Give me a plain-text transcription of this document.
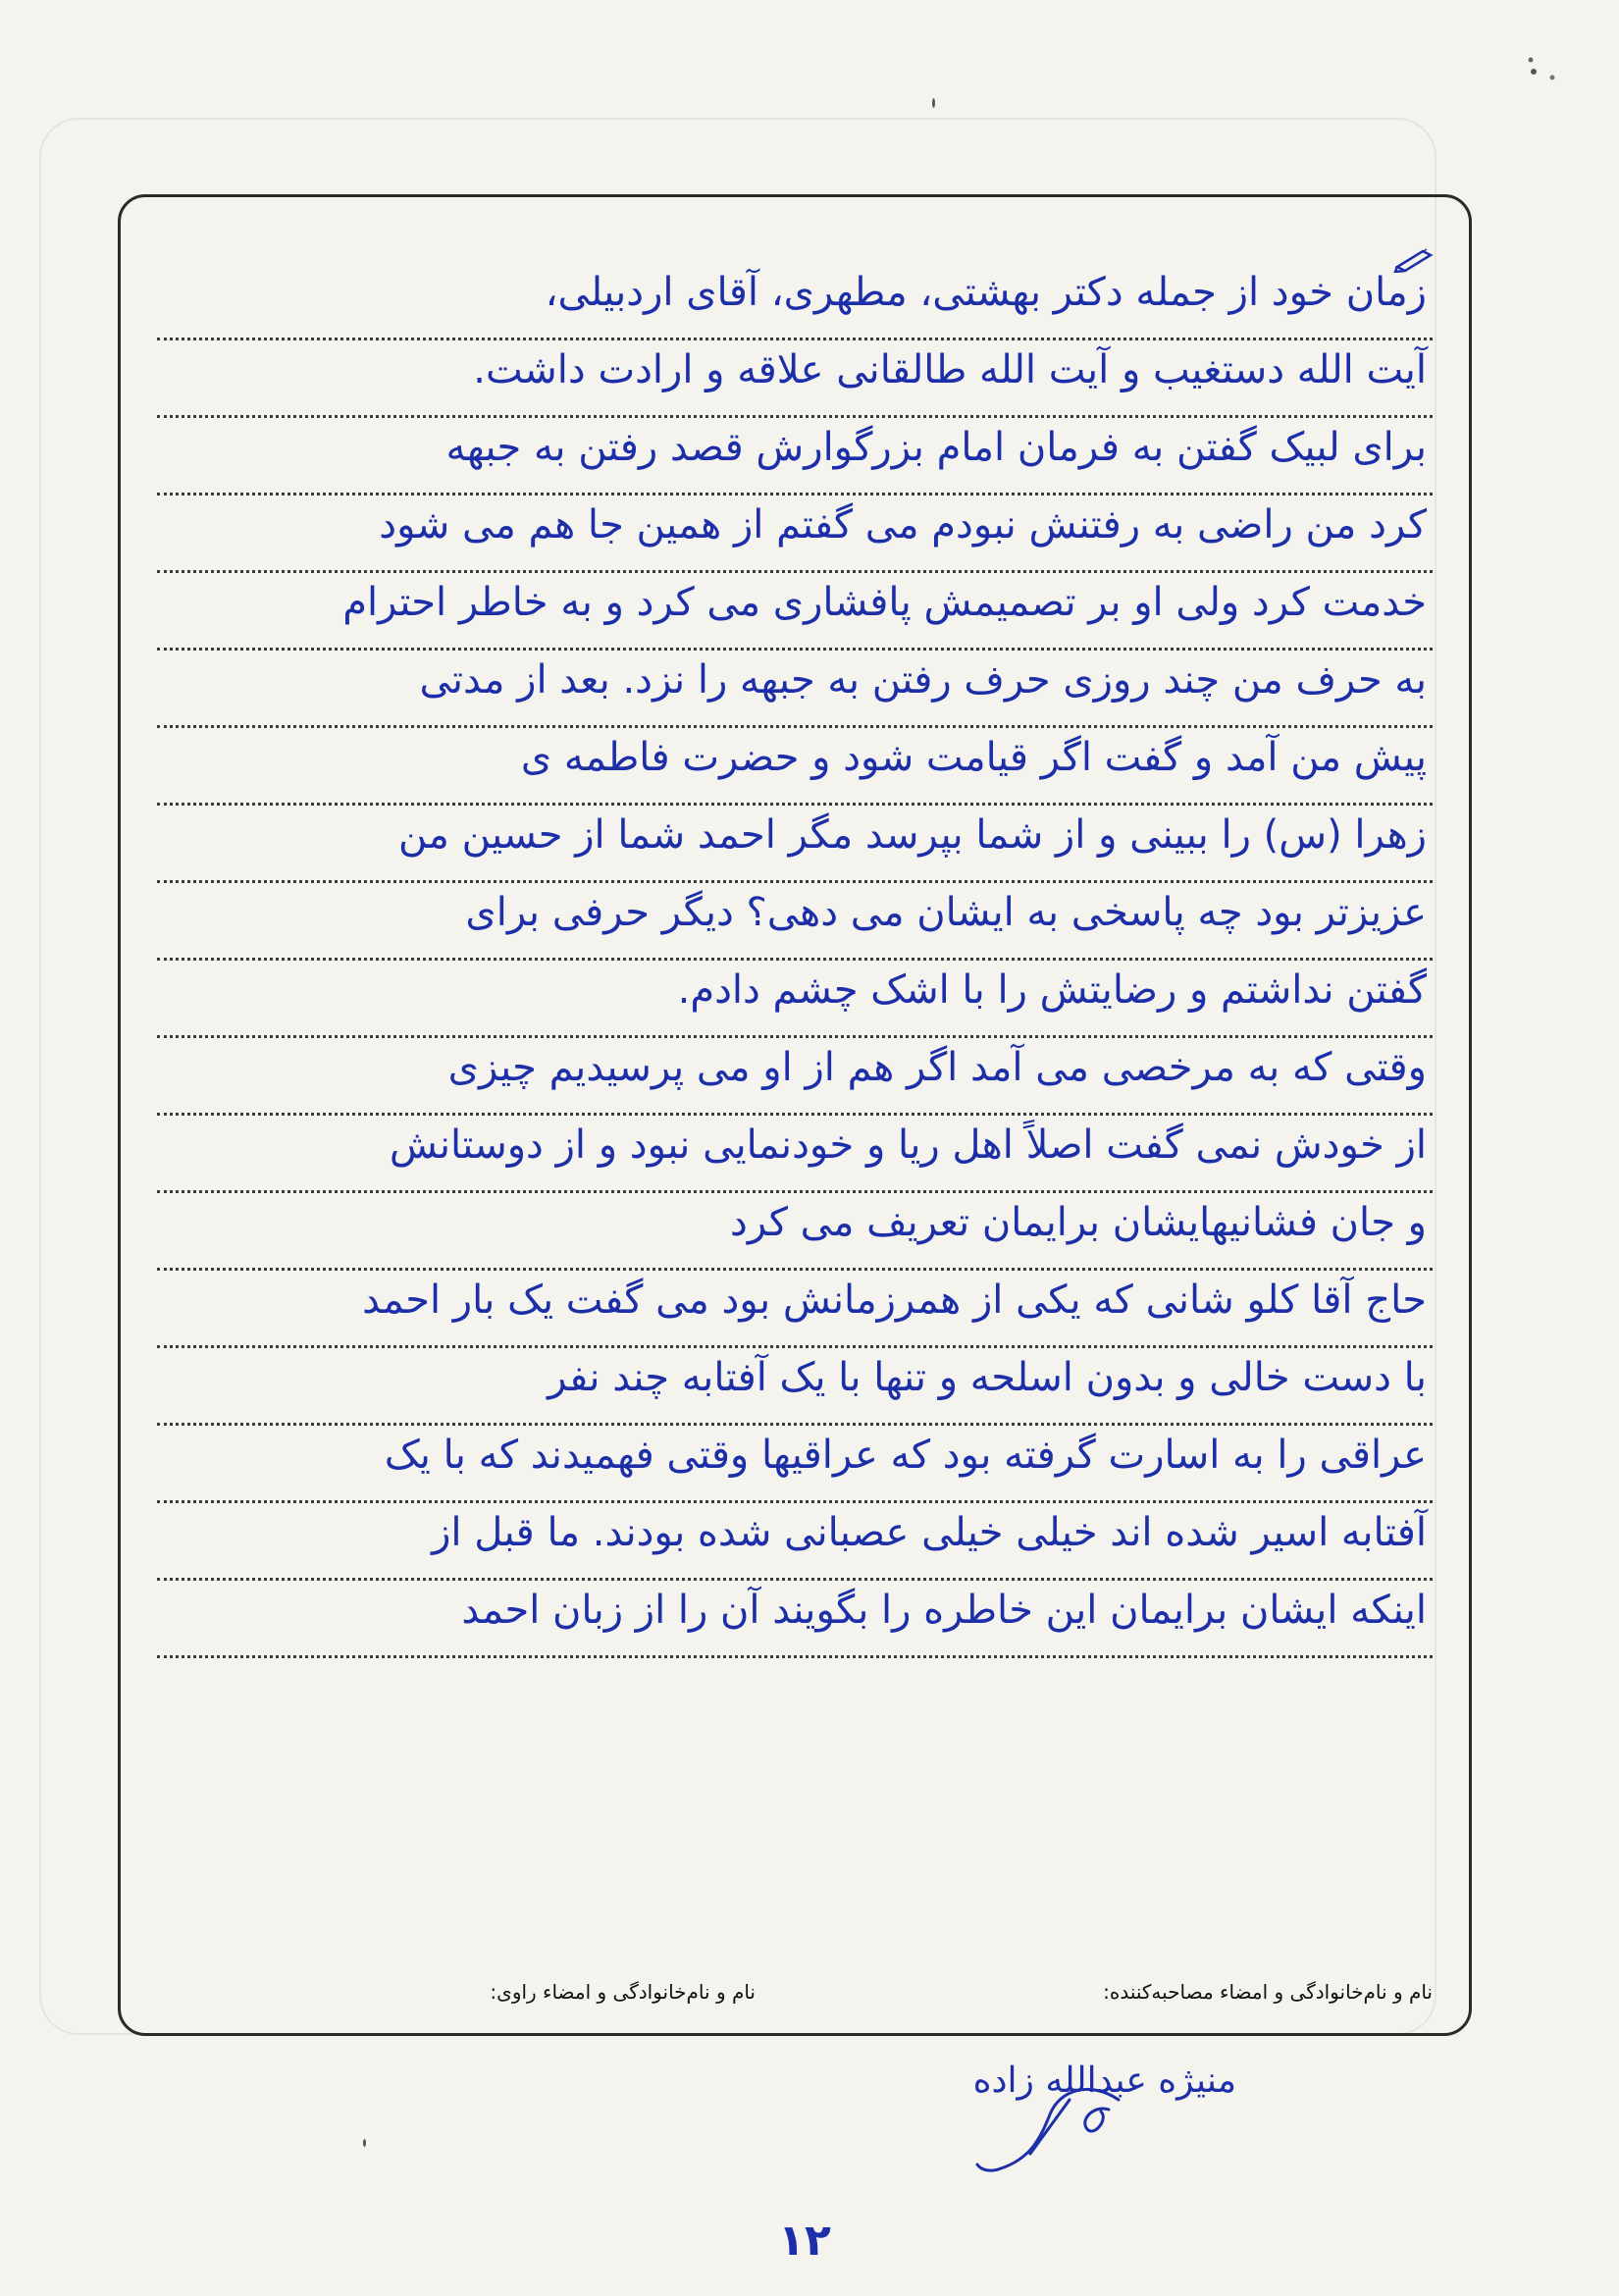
زمان خود از جمله دکتر بهشتی، مطهری، آقای اردبیلی،
آیت الله دستغیب و آیت الله طالقانی علاقه و ارادت داشت.
برای لبیک گفتن به فرمان امام بزرگوارش قصد رفتن به جبهه
کرد من راضی به رفتنش نبودم می گفتم از همین جا هم می شود
خدمت کرد ولی او بر تصمیمش پافشاری می کرد و به خاطر احترام
به حرف من چند روزی حرف رفتن به جبهه را نزد. بعد از مدتی
پیش من آمد و گفت اگر قیامت شود و حضرت فاطمه ی
زهرا (س) را ببینی و از شما بپرسد مگر احمد شما از حسین من
عزیزتر بود چه پاسخی به ایشان می دهی؟ دیگر حرفی برای
گفتن نداشتم و رضایتش را با اشک چشم دادم.
وقتی که به مرخصی می آمد اگر هم از او می پرسیدیم چیزی
از خودش نمی گفت اصلاً اهل ریا و خودنمایی نبود و از دوستانش
و جان فشانیهایشان برایمان تعریف می کرد
حاج آقا کلو شانی که یکی از همرزمانش بود می گفت یک بار احمد
با دست خالی و بدون اسلحه و تنها با یک آفتابه چند نفر
عراقی را به اسارت گرفته بود که عراقیها وقتی فهمیدند که با یک
آفتابه اسیر شده اند خیلی خیلی عصبانی شده بودند. ما قبل از
اینکه ایشان برایمان این خاطره را بگویند آن را از زبان احمد
نام و نام‌خانوادگی و امضاء مصاحبه‌کننده:
نام و نام‌خانوادگی و امضاء راوی:
منیژه عبدالله زاده
۱۲
